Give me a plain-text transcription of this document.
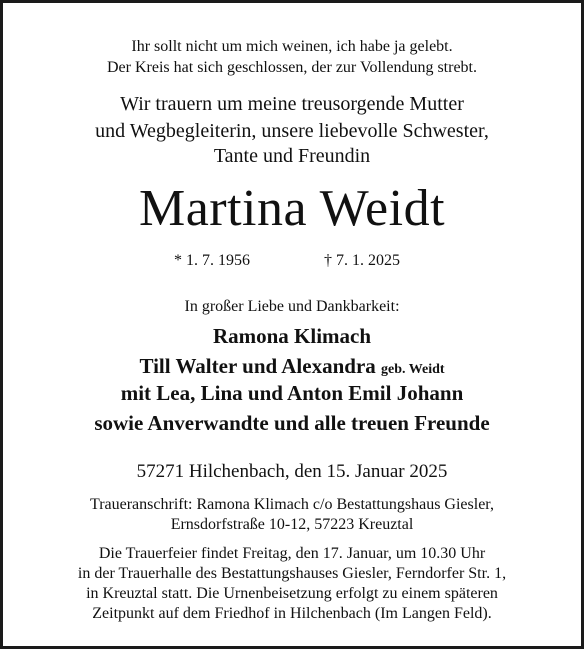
Ihr sollt nicht um mich weinen, ich habe ja gelebt.
Der Kreis hat sich geschlossen, der zur Vollendung strebt.
Wir trauern um meine treusorgende Mutter
und Wegbegleiterin, unsere liebevolle Schwester,
Tante und Freundin
Martina Weidt
* 1. 7. 1956	† 7. 1. 2025
In großer Liebe und Dankbarkeit:
Ramona Klimach
Till Walter und Alexandra geb. Weidt
mit Lea, Lina und Anton Emil Johann
sowie Anverwandte und alle treuen Freunde
57271 Hilchenbach, den 15. Januar 2025
Traueranschrift: Ramona Klimach c/o Bestattungshaus Giesler,
Ernsdorfstraße 10-12, 57223 Kreuztal
Die Trauerfeier findet Freitag, den 17. Januar, um 10.30 Uhr
in der Trauerhalle des Bestattungshauses Giesler, Ferndorfer Str. 1,
in Kreuztal statt. Die Urnenbeisetzung erfolgt zu einem späteren
Zeitpunkt auf dem Friedhof in Hilchenbach (Im Langen Feld).
